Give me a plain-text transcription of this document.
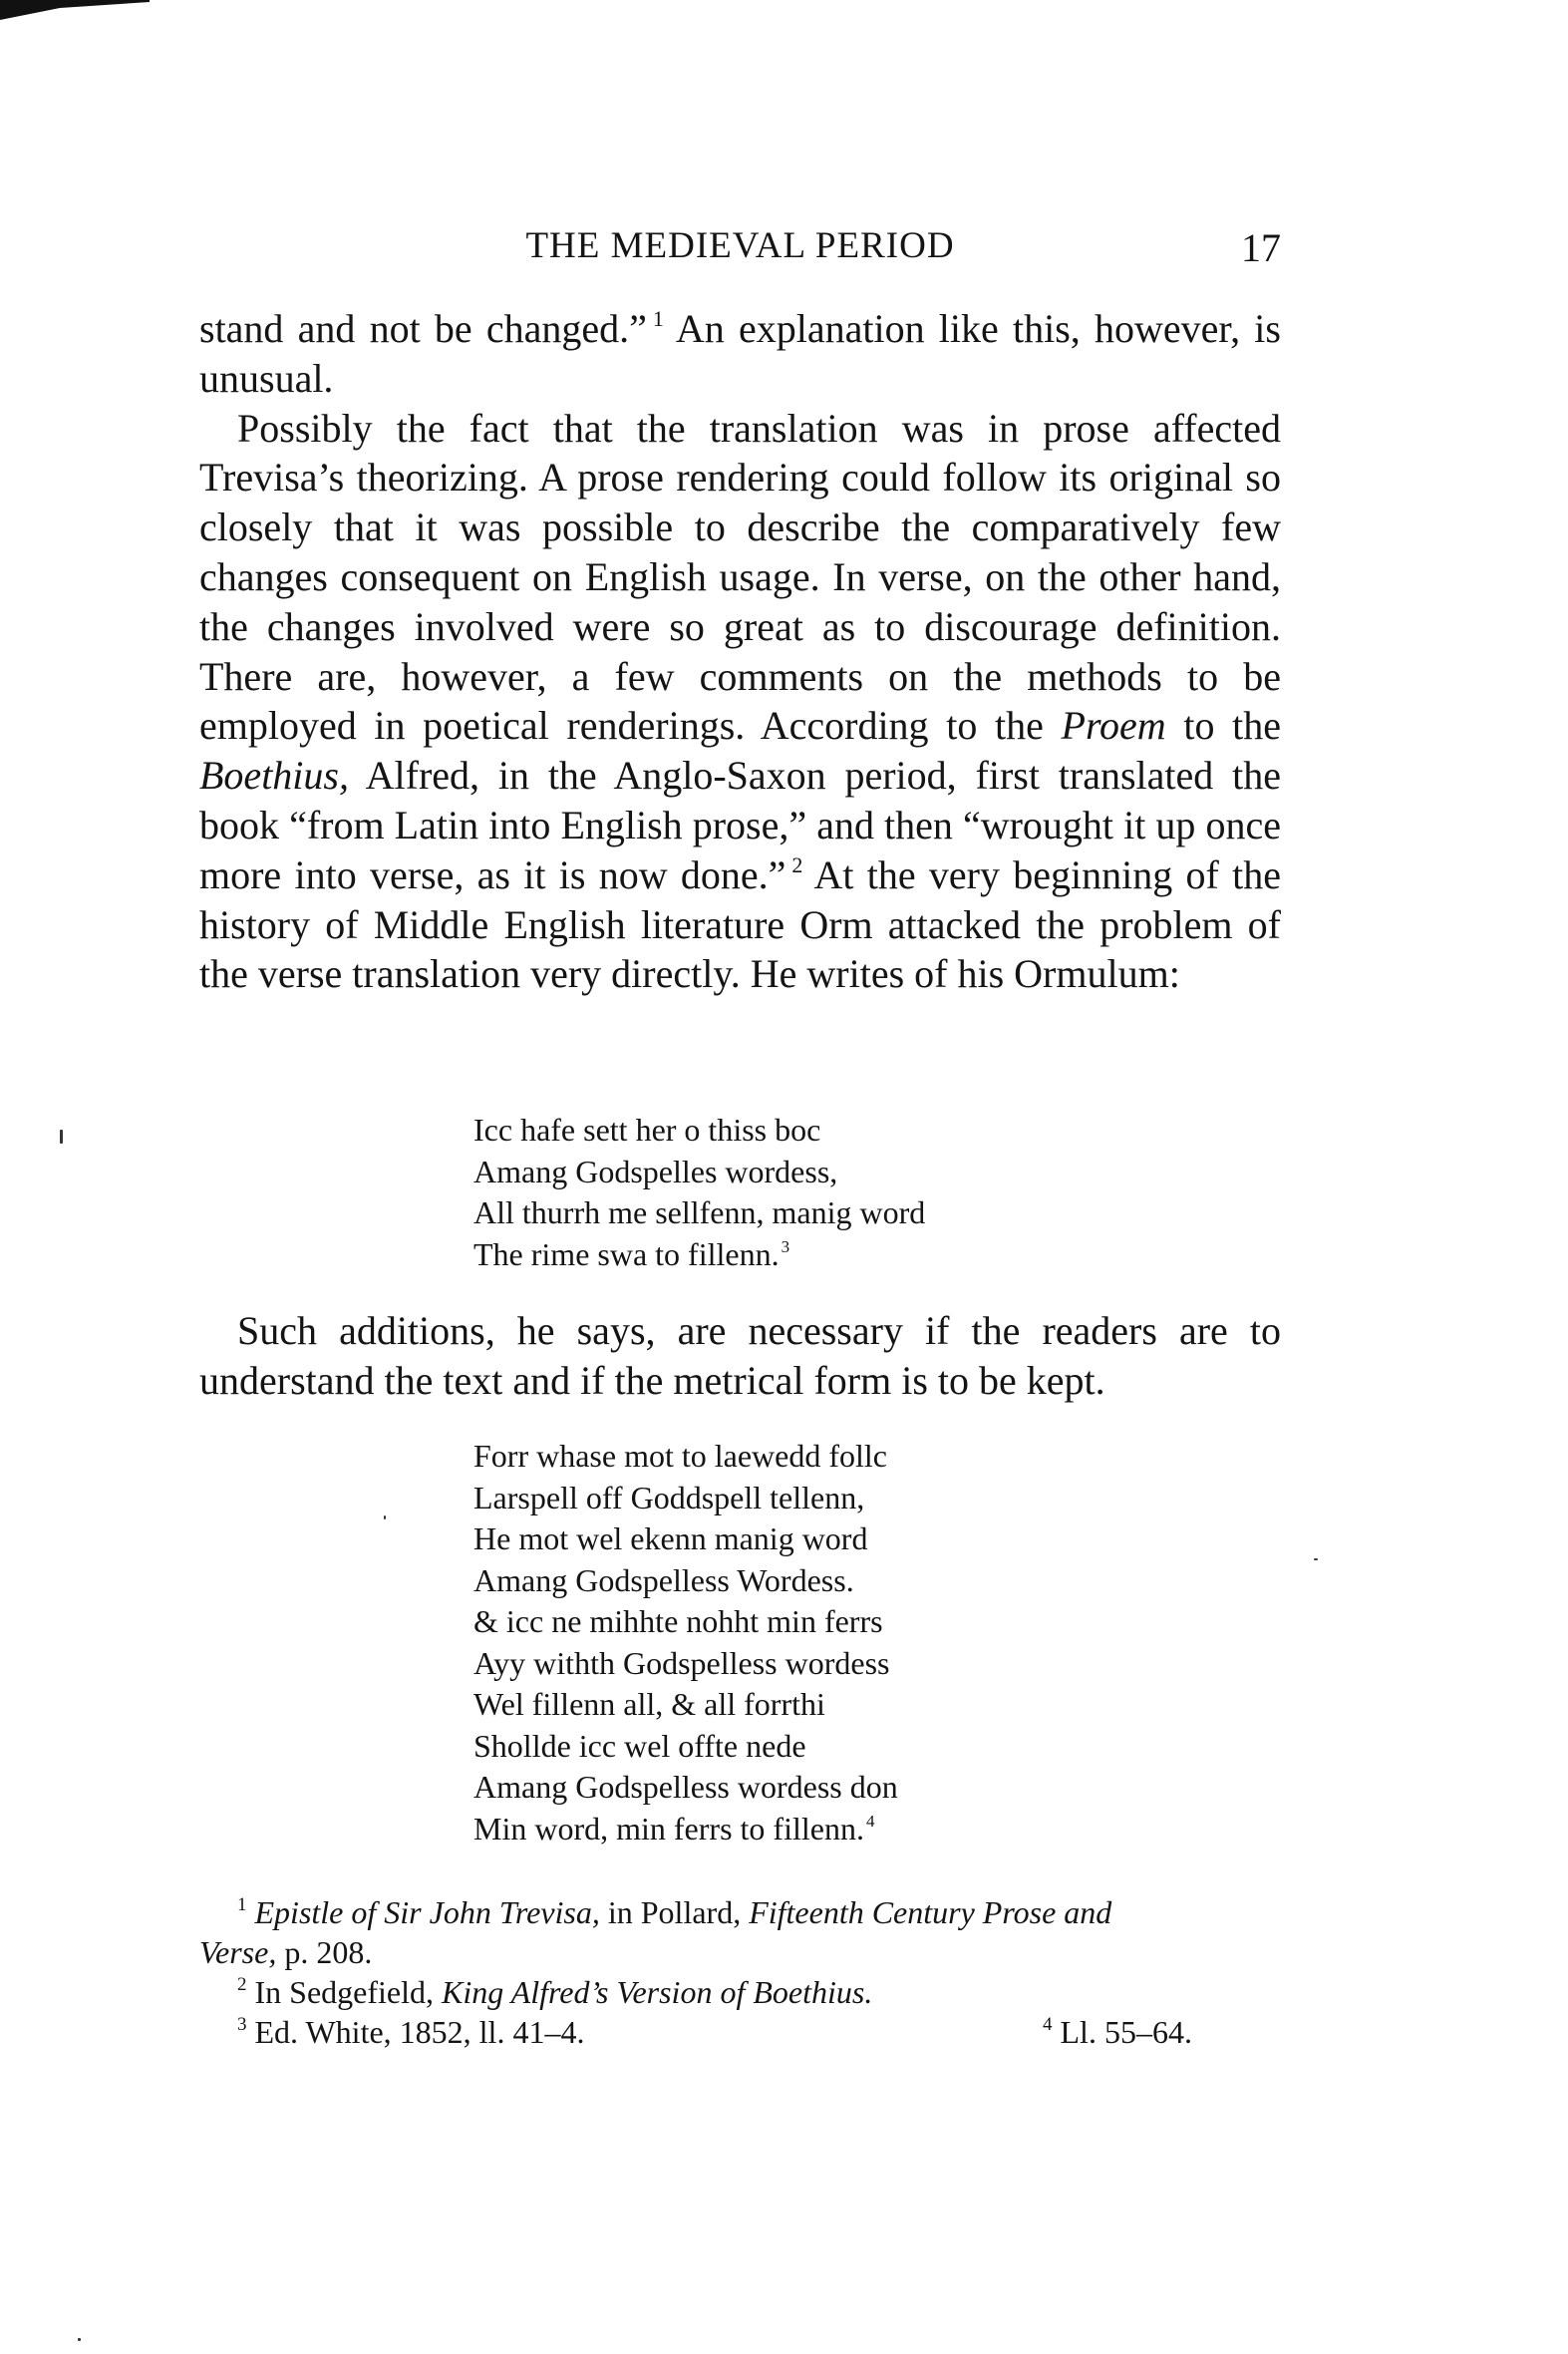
THE MEDIEVAL PERIOD	17

stand and not be changed.” $^1$ An explanation like this, however, is unusual.

Possibly the fact that the translation was in prose affected Trevisa’s theorizing. A prose rendering could follow its original so closely that it was possible to describe the comparatively few changes consequent on English usage. In verse, on the other hand, the changes involved were so great as to discourage definition. There are, however, a few comments on the methods to be employed in poetical renderings. According to the Proem to the Boethius, Alfred, in the Anglo-Saxon period, first translated the book “from Latin into English prose,” and then “wrought it up once more into verse, as it is now done.” $^2$ At the very beginning of the history of Middle English literature Orm attacked the problem of the verse translation very directly. He writes of his Ormulum:

Icc hafe sett her o thiss boc
Amang Godspelles wordess,
All thurrh me sellfenn, manig word
The rime swa to fillenn. $^3$

Such additions, he says, are necessary if the readers are to understand the text and if the metrical form is to be kept.

Forr whase mot to laewedd follc
Larspell off Goddspell tellenn,
He mot wel ekenn manig word
Amang Godspelless Wordess.
& icc ne mihhte nohht min ferrs
Ayy withth Godspelless wordess
Wel fillenn all, & all forrthi
Shollde icc wel offte nede
Amang Godspelless wordess don
Min word, min ferrs to fillenn. $^4$
$^1$ Epistle of Sir John Trevisa, in Pollard, Fifteenth Century Prose and
Verse, p. 208.
$^2$ In Sedgefield, King Alfred’s Version of Boethius.
$^3$ Ed. White, 1852, ll. 41–4.	$^4$ Ll. 55–64.
